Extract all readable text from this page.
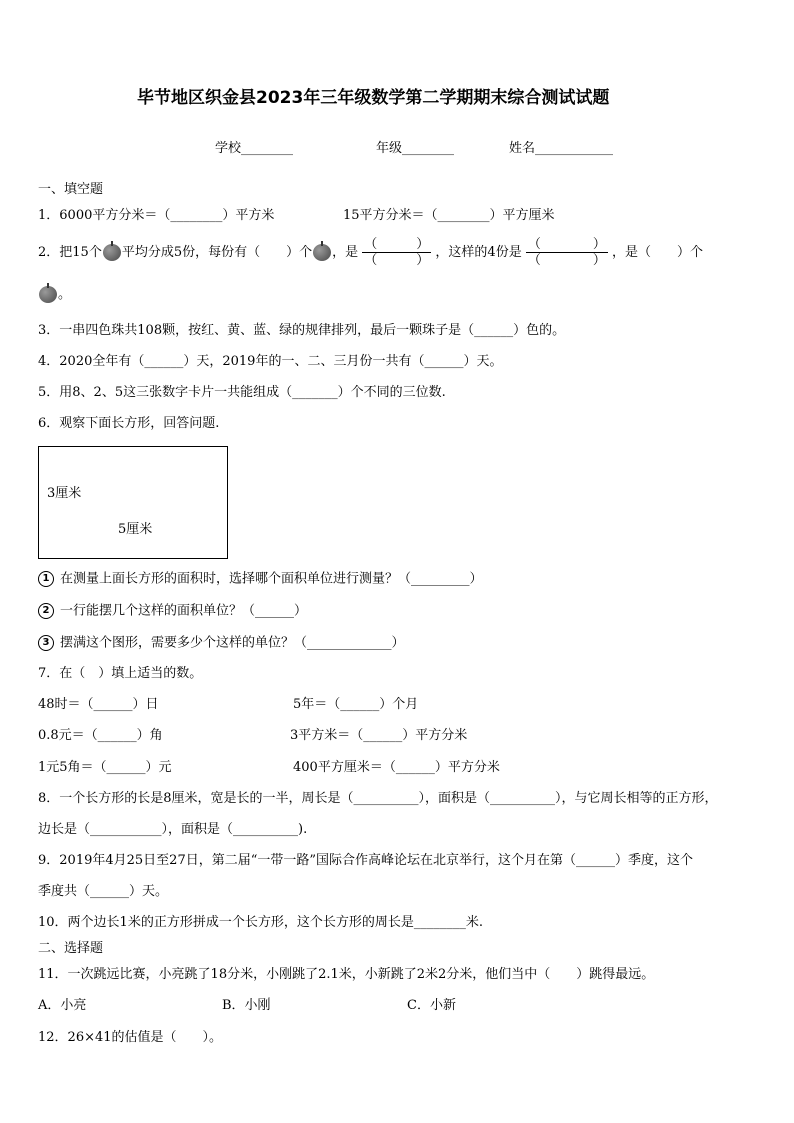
毕节地区织金县2023年三年级数学第二学期期末综合测试试题
学校________	年级________	姓名____________
一、填空题
1．6000平方分米＝（________）平方米	15平方分米＝（________）平方厘米
2．把15个 平均分成5份，每份有（　　）个 ，是 $\frac{( )}{( )}$ ，这样的4份是 $\frac{( )}{( )}$ ，是（　　）个
。
3．一串四色珠共108颗，按红、黄、蓝、绿的规律排列，最后一颗珠子是（______）色的。
4．2020全年有（______）天，2019年的一、二、三月份一共有（______）天。
5．用8、2、5这三张数字卡片一共能组成（_______）个不同的三位数.
6．观察下面长方形，回答问题.
3厘米
5厘米
1 在测量上面长方形的面积时，选择哪个面积单位进行测量？（_________）
2 一行能摆几个这样的面积单位？（______）
3 摆满这个图形，需要多少个这样的单位？（_____________）
7．在（　）填上适当的数。
48时＝（______）日	5年＝（______）个月
0.8元＝（______）角	3平方米＝（______）平方分米
1元5角＝（______）元	400平方厘米＝（______）平方分米
8．一个长方形的长是8厘米，宽是长的一半，周长是（__________），面积是（__________），与它周长相等的正方形，
边长是（___________），面积是（__________).
9．2019年4月25日至27日，第二届“一带一路”国际合作高峰论坛在北京举行，这个月在第（______）季度，这个
季度共（______）天。
10．两个边长1米的正方形拼成一个长方形，这个长方形的周长是________米.
二、选择题
11．一次跳远比赛，小亮跳了18分米，小刚跳了2.1米，小新跳了2米2分米，他们当中（　　）跳得最远。
A．小亮	B．小刚	C．小新
12．26×41的估值是（　　）。
